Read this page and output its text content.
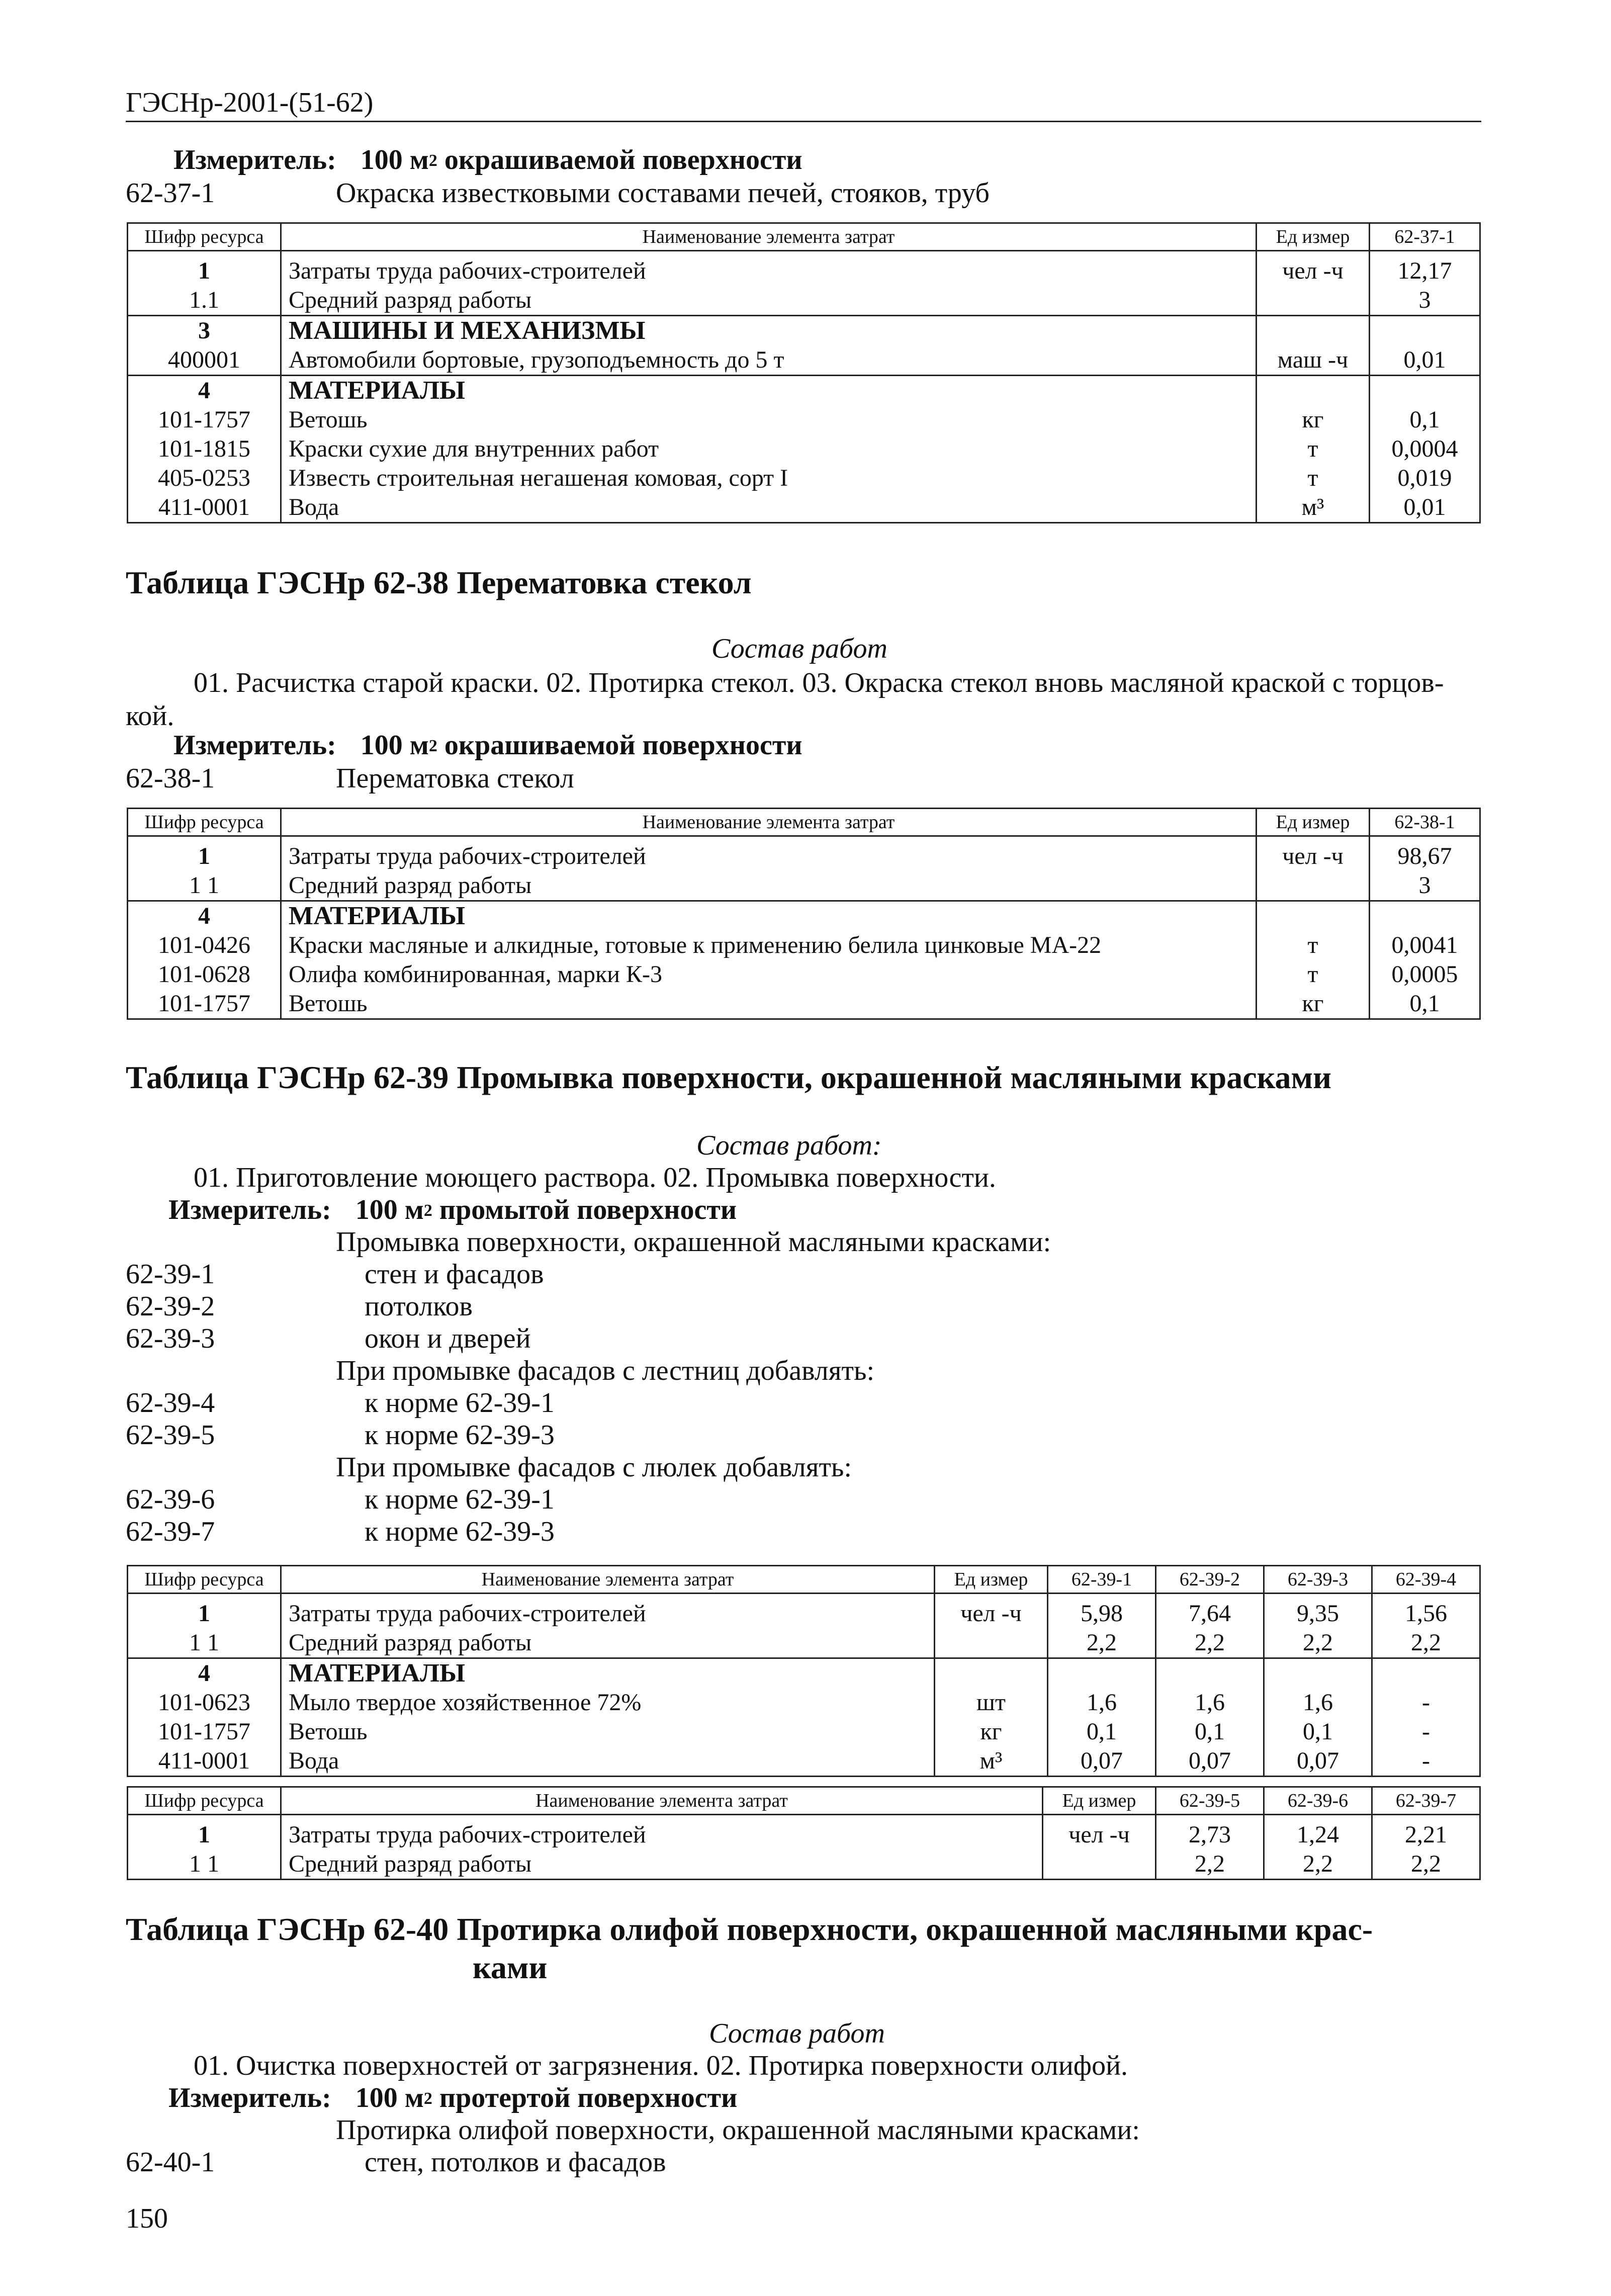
ГЭСНр-2001-(51-62)
Измеритель: 100 $м^2$ окрашиваемой поверхности
62-37-1	Окраска известковыми составами печей, стояков, труб
Шифр ресурса	Наименование элемента затрат	Ед измер	62-37-1

1	Затраты труда рабочих-строителей	чел -ч	12,17
1.1	Средний разряд работы		3
3	МАШИНЫ И МЕХАНИЗМЫ		
400001	Автомобили бортовые, грузоподъемность до 5 т	маш -ч	0,01
4	МАТЕРИАЛЫ		
101-1757	Ветошь	кг	0,1
101-1815	Краски сухие для внутренних работ	т	0,0004
405-0253	Известь строительная негашеная комовая, сорт I	т	0,019
411-0001	Вода	м³	0,01
Таблица ГЭСНр 62-38 Перематовка стекол
Состав работ
01. Расчистка старой краски. 02. Протирка стекол. 03. Окраска стекол вновь масляной краской с торцов-
кой.
Измеритель: 100 $м^2$ окрашиваемой поверхности
62-38-1	Перематовка стекол
Шифр ресурса	Наименование элемента затрат	Ед измер	62-38-1

1	Затраты труда рабочих-строителей	чел -ч	98,67
1 1	Средний разряд работы		3
4	МАТЕРИАЛЫ		
101-0426	Краски масляные и алкидные, готовые к применению белила цинковые МА-22	т	0,0041
101-0628	Олифа комбинированная, марки К-3	т	0,0005
101-1757	Ветошь	кг	0,1
Таблица ГЭСНр 62-39 Промывка поверхности, окрашенной масляными красками
Состав работ:
01. Приготовление моющего раствора. 02. Промывка поверхности.
Измеритель: 100 $м^2$ промытой поверхности
Промывка поверхности, окрашенной масляными красками:
62-39-1	стен и фасадов
62-39-2	потолков
62-39-3	окон и дверей
При промывке фасадов с лестниц добавлять:
62-39-4	к норме 62-39-1
62-39-5	к норме 62-39-3
При промывке фасадов с люлек добавлять:
62-39-6	к норме 62-39-1
62-39-7	к норме 62-39-3
Шифр ресурса	Наименование элемента затрат	Ед измер	62-39-1	62-39-2	62-39-3	62-39-4

1	Затраты труда рабочих-строителей	чел -ч	5,98	7,64	9,35	1,56
1 1	Средний разряд работы		2,2	2,2	2,2	2,2
4	МАТЕРИАЛЫ					
101-0623	Мыло твердое хозяйственное 72%	шт	1,6	1,6	1,6	-
101-1757	Ветошь	кг	0,1	0,1	0,1	-
411-0001	Вода	м³	0,07	0,07	0,07	-
Шифр ресурса	Наименование элемента затрат	Ед измер	62-39-5	62-39-6	62-39-7

1	Затраты труда рабочих-строителей	чел -ч	2,73	1,24	2,21
1 1	Средний разряд работы		2,2	2,2	2,2
Таблица ГЭСНр 62-40 Протирка олифой поверхности, окрашенной масляными крас-
ками
Состав работ
01. Очистка поверхностей от загрязнения. 02. Протирка поверхности олифой.
Измеритель: 100 $м^2$ протертой поверхности
Протирка олифой поверхности, окрашенной масляными красками:
62-40-1	стен, потолков и фасадов
150
